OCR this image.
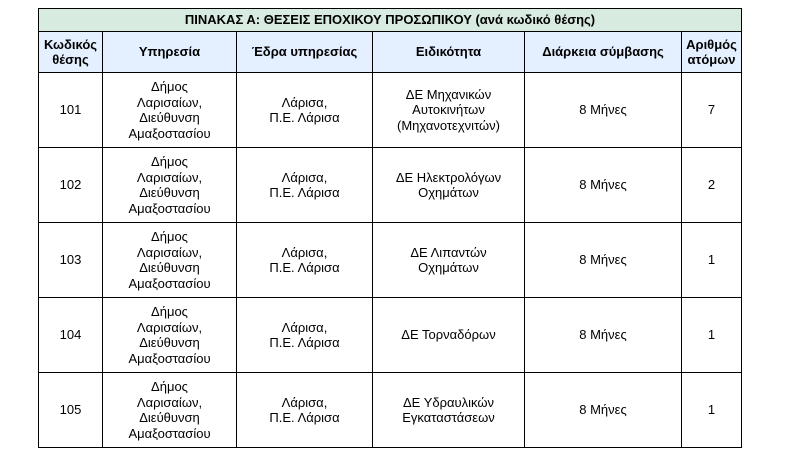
ΠΙΝΑΚΑΣ Α: ΘΕΣΕΙΣ ΕΠΟΧΙΚΟΥ ΠΡΟΣΩΠΙΚΟΥ (ανά κωδικό θέσης)					

Κωδικός
θέσης	Υπηρεσία	Έδρα υπηρεσίας	Ειδικότητα	Διάρκεια σύμβασης	Αριθμός
ατόμων

101	Δήμος
Λαρισαίων,
Διεύθυνση
Αμαξοστασίου	Λάρισα,
Π.Ε. Λάρισα	ΔΕ Μηχανικών
Αυτοκινήτων
(Μηχανοτεχνιτών)	8 Μήνες	7
102	Δήμος
Λαρισαίων,
Διεύθυνση
Αμαξοστασίου	Λάρισα,
Π.Ε. Λάρισα	ΔΕ Ηλεκτρολόγων
Οχημάτων	8 Μήνες	2
103	Δήμος
Λαρισαίων,
Διεύθυνση
Αμαξοστασίου	Λάρισα,
Π.Ε. Λάρισα	ΔΕ Λιπαντών
Οχημάτων	8 Μήνες	1
104	Δήμος
Λαρισαίων,
Διεύθυνση
Αμαξοστασίου	Λάρισα,
Π.Ε. Λάρισα	ΔΕ Τορναδόρων	8 Μήνες	1
105	Δήμος
Λαρισαίων,
Διεύθυνση
Αμαξοστασίου	Λάρισα,
Π.Ε. Λάρισα	ΔΕ Υδραυλικών
Εγκαταστάσεων	8 Μήνες	1
